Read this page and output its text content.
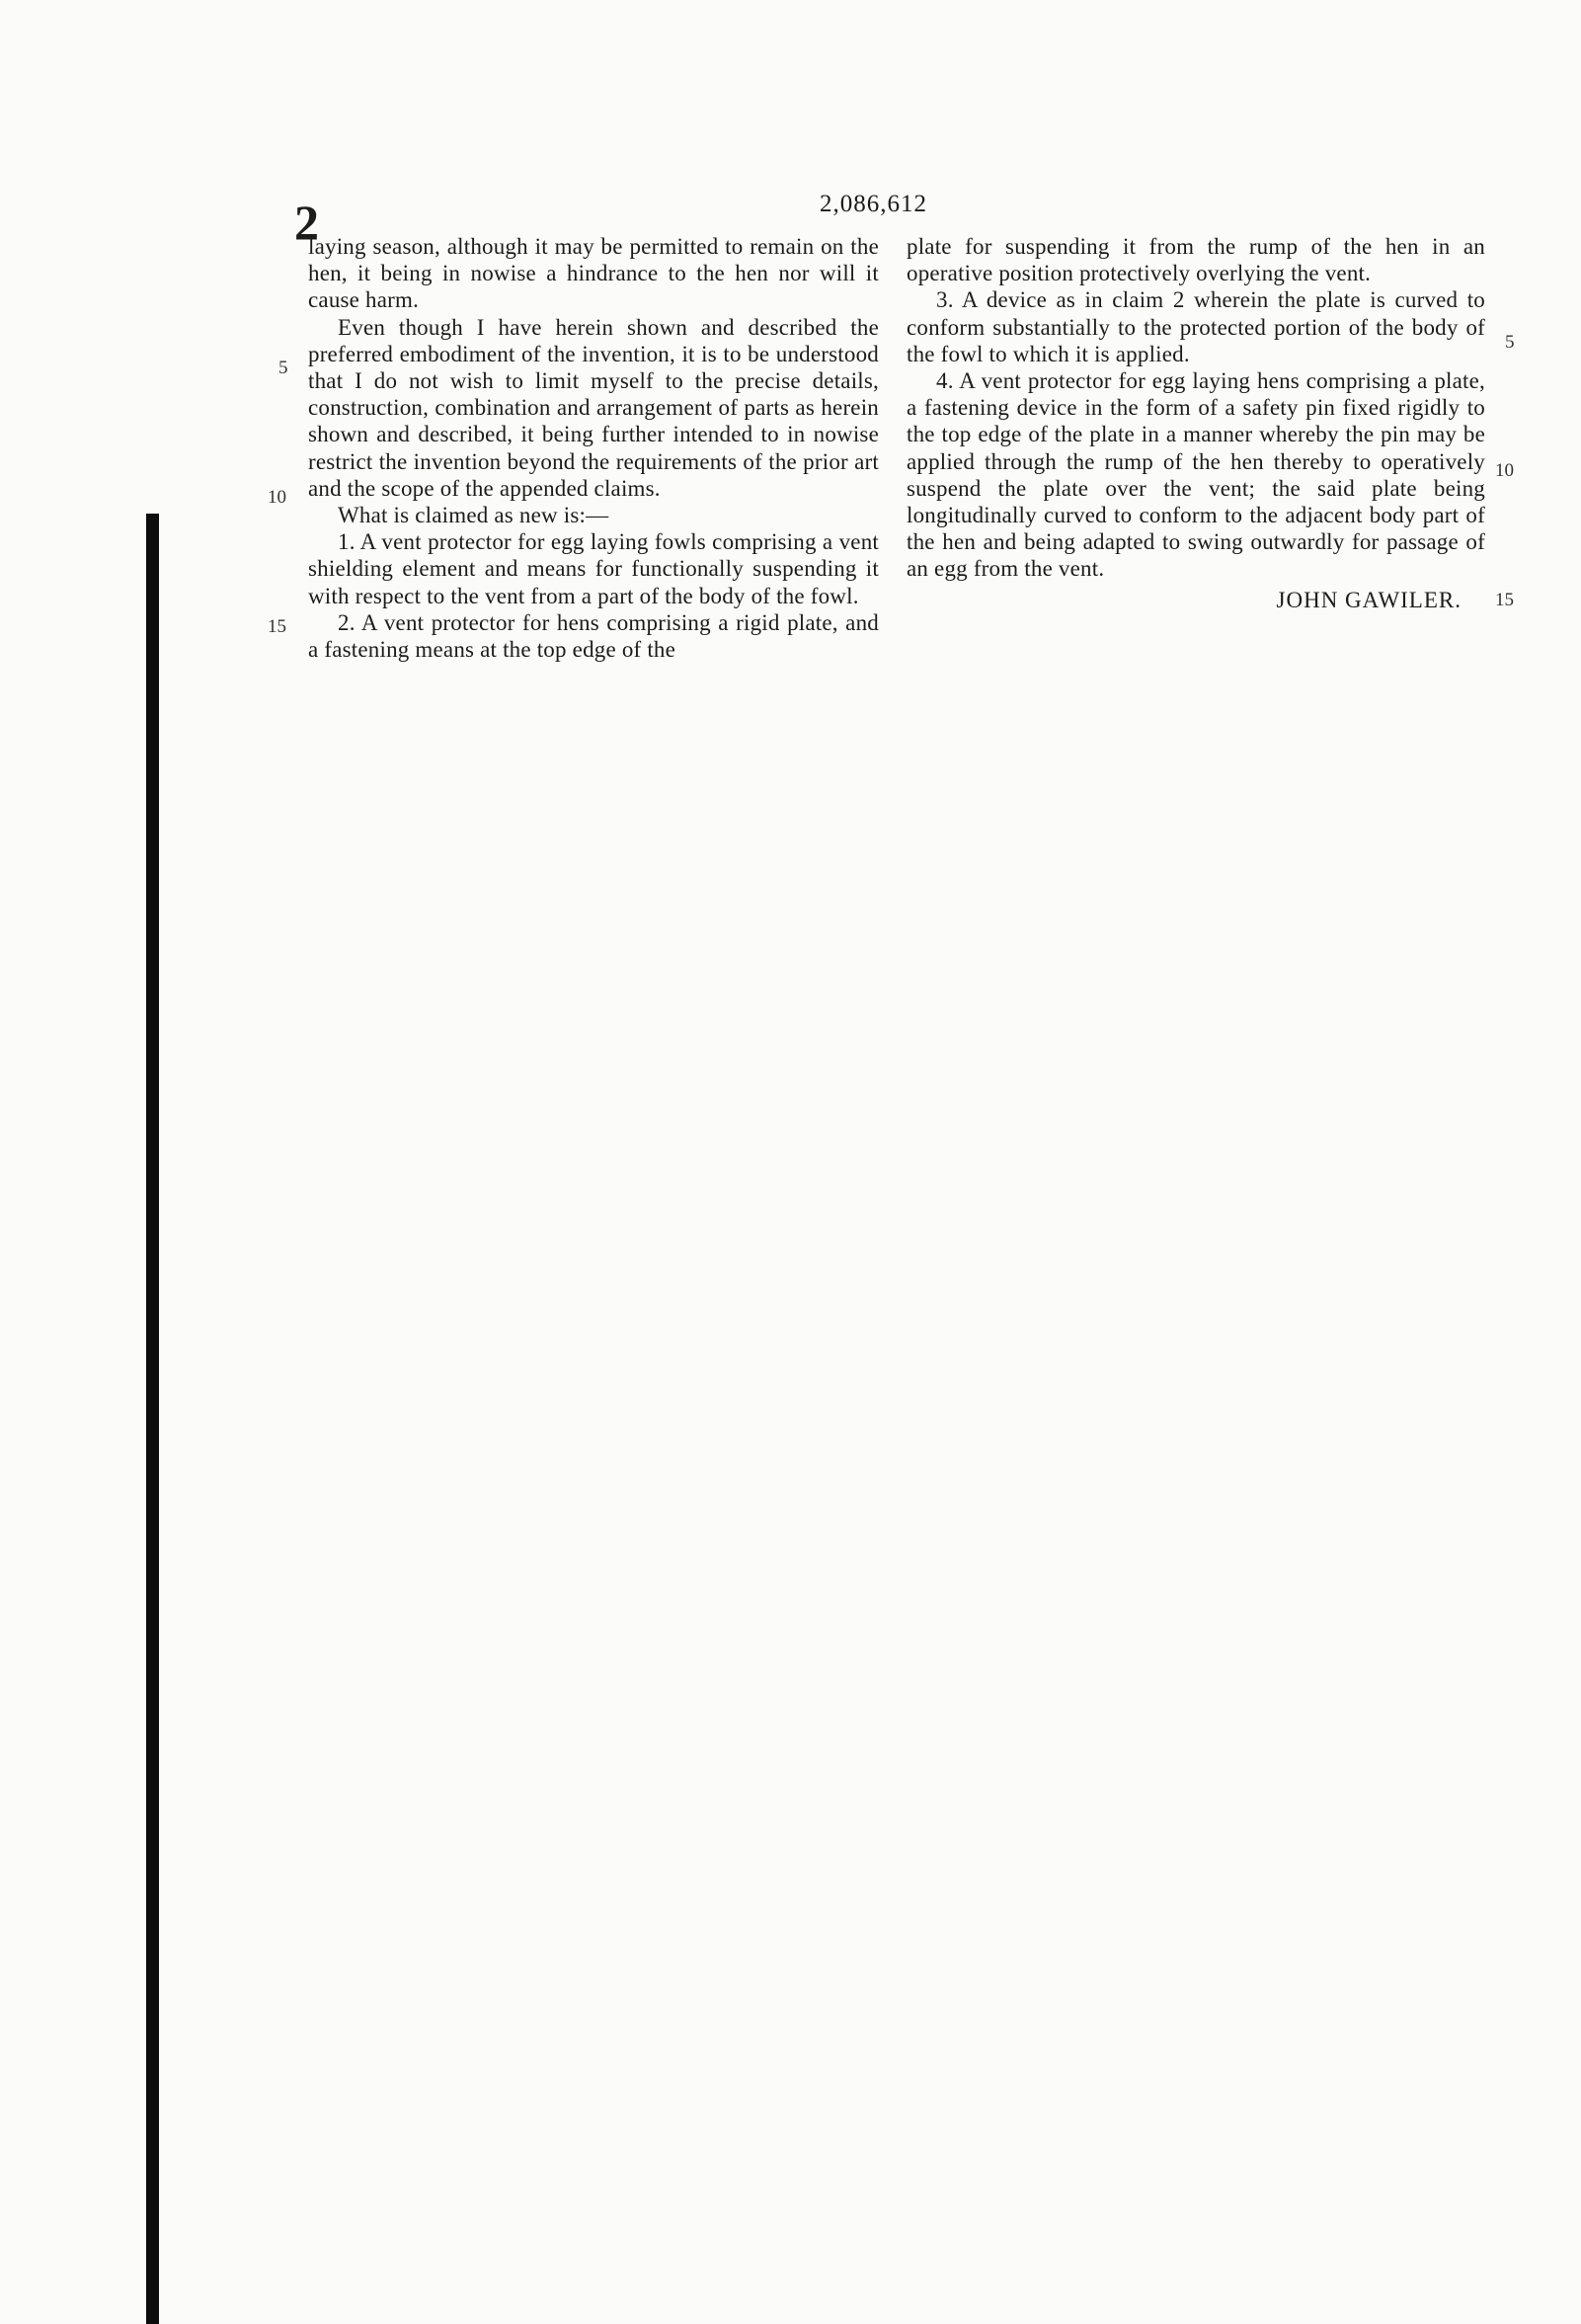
2	2,086,612
5
10
15
5
10
15

laying season, although it may be permitted to remain on the hen, it being in nowise a hindrance to the hen nor will it cause harm.

Even though I have herein shown and described the preferred embodiment of the invention, it is to be understood that I do not wish to limit myself to the precise details, construction, combination and arrangement of parts as herein shown and described, it being further intended to in nowise restrict the invention beyond the requirements of the prior art and the scope of the appended claims.

What is claimed as new is:—

1. A vent protector for egg laying fowls comprising a vent shielding element and means for functionally suspending it with respect to the vent from a part of the body of the fowl.

2. A vent protector for hens comprising a rigid plate, and a fastening means at the top edge of the

plate for suspending it from the rump of the hen in an operative position protectively overlying the vent.

3. A device as in claim 2 wherein the plate is curved to conform substantially to the protected portion of the body of the fowl to which it is applied.

4. A vent protector for egg laying hens comprising a plate, a fastening device in the form of a safety pin fixed rigidly to the top edge of the plate in a manner whereby the pin may be applied through the rump of the hen thereby to operatively suspend the plate over the vent; the said plate being longitudinally curved to conform to the adjacent body part of the hen and being adapted to swing outwardly for passage of an egg from the vent.

JOHN GAWILER.
